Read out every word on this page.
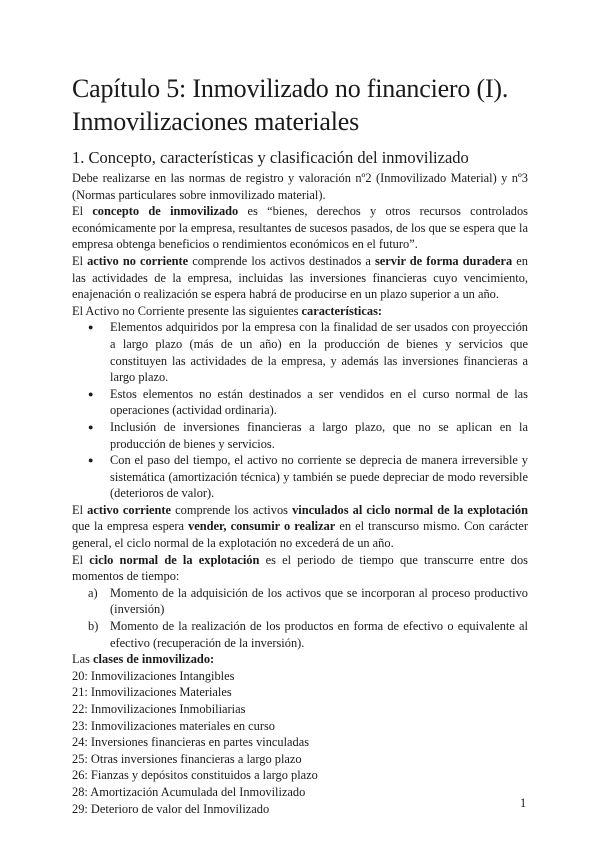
Capítulo 5: Inmovilizado no financiero (I). Inmovilizaciones materiales
1. Concepto, características y clasificación del inmovilizado

Debe realizarse en las normas de registro y valoración nº2 (Inmovilizado Material) y nº3 (Normas particulares sobre inmovilizado material).

El concepto de inmovilizado es “bienes, derechos y otros recursos controlados económicamente por la empresa, resultantes de sucesos pasados, de los que se espera que la empresa obtenga beneficios o rendimientos económicos en el futuro”.

El activo no corriente comprende los activos destinados a servir de forma duradera en las actividades de la empresa, incluidas las inversiones financieras cuyo vencimiento, enajenación o realización se espera habrá de producirse en un plazo superior a un año.

El Activo no Corriente presente las siguientes características:

● Elementos adquiridos por la empresa con la finalidad de ser usados con proyección a largo plazo (más de un año) en la producción de bienes y servicios que constituyen las actividades de la empresa, y además las inversiones financieras a largo plazo.
● Estos elementos no están destinados a ser vendidos en el curso normal de las operaciones (actividad ordinaria).
● Inclusión de inversiones financieras a largo plazo, que no se aplican en la producción de bienes y servicios.
● Con el paso del tiempo, el activo no corriente se deprecia de manera irreversible y sistemática (amortización técnica) y también se puede depreciar de modo reversible (deterioros de valor).

El activo corriente comprende los activos vinculados al ciclo normal de la explotación que la empresa espera vender, consumir o realizar en el transcurso mismo. Con carácter general, el ciclo normal de la explotación no excederá de un año.

El ciclo normal de la explotación es el periodo de tiempo que transcurre entre dos momentos de tiempo:

a) Momento de la adquisición de los activos que se incorporan al proceso productivo (inversión)
b) Momento de la realización de los productos en forma de efectivo o equivalente al efectivo (recuperación de la inversión).

Las clases de inmovilizado:

20: Inmovilizaciones Intangibles
21: Inmovilizaciones Materiales
22: Inmovilizaciones Inmobiliarias
23: Inmovilizaciones materiales en curso
24: Inversiones financieras en partes vinculadas
25: Otras inversiones financieras a largo plazo
26: Fianzas y depósitos constituidos a largo plazo
28: Amortización Acumulada del Inmovilizado
29: Deterioro de valor del Inmovilizado	1
